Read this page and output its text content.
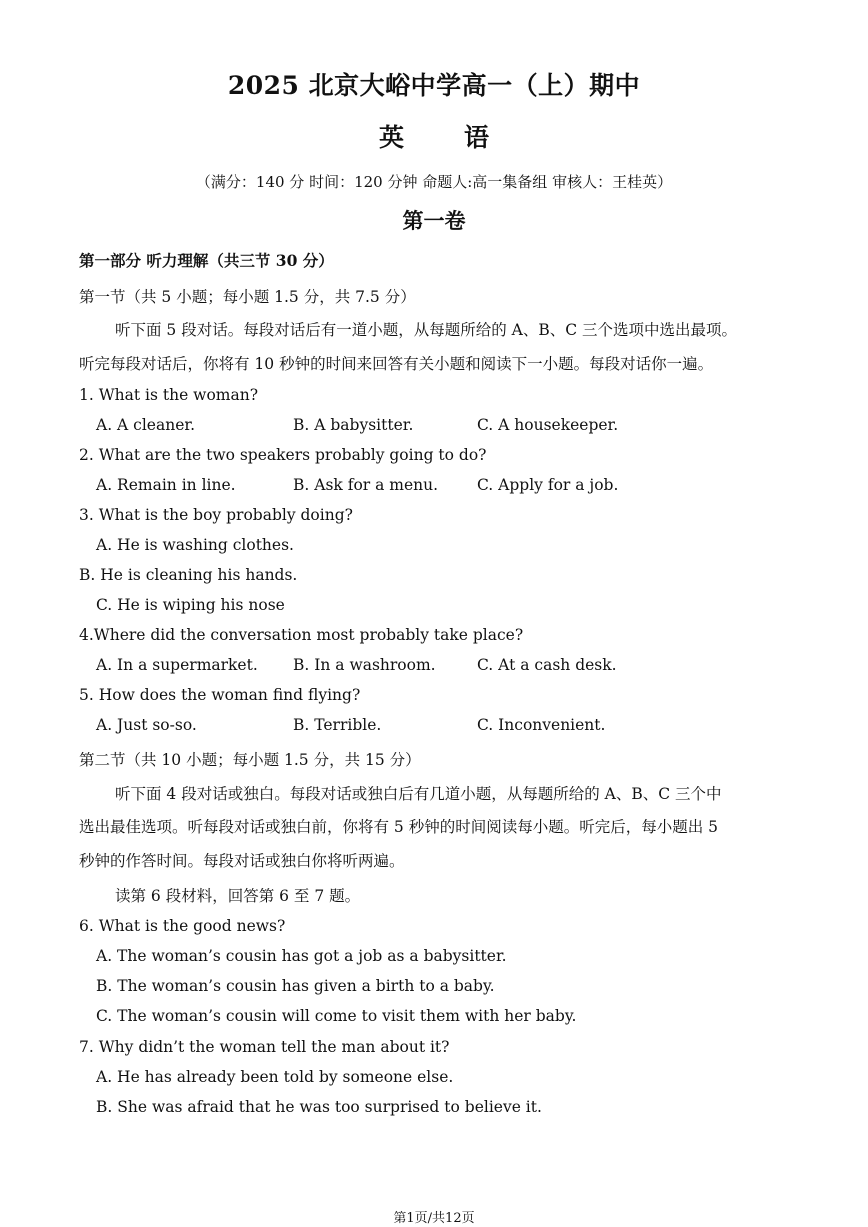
2025 北京大峪中学高一（上）期中
英 语
（满分：140 分 时间：120 分钟 命题人:高一集备组 审核人：王桂英）
第一卷
第一部分 听力理解（共三节 30 分）
第一节（共 5 小题；每小题 1.5 分，共 7.5 分）
听下面 5 段对话。每段对话后有一道小题，从每题所给的 A、B、C 三个选项中选出最项。
听完每段对话后，你将有 10 秒钟的时间来回答有关小题和阅读下一小题。每段对话你一遍。
1. What is the woman?
A. A cleaner.	B. A babysitter.	C. A housekeeper.
2. What are the two speakers probably going to do?
A. Remain in line.	B. Ask for a menu.	C. Apply for a job.
3. What is the boy probably doing?
A. He is washing clothes.
B. He is cleaning his hands.
C. He is wiping his nose
4.Where did the conversation most probably take place?
A. In a supermarket. B. In a washroom.	C. At a cash desk.
5. How does the woman find flying?
A. Just so-so.	B. Terrible.	C. Inconvenient.
第二节（共 10 小题；每小题 1.5 分，共 15 分）
听下面 4 段对话或独白。每段对话或独白后有几道小题，从每题所给的 A、B、C 三个中
选出最佳选项。听每段对话或独白前，你将有 5 秒钟的时间阅读每小题。听完后，每小题出 5
秒钟的作答时间。每段对话或独白你将听两遍。
读第 6 段材料，回答第 6 至 7 题。
6. What is the good news?
A. The woman’s cousin has got a job as a babysitter.
B. The woman’s cousin has given a birth to a baby.
C. The woman’s cousin will come to visit them with her baby.
7. Why didn’t the woman tell the man about it?
A. He has already been told by someone else.
B. She was afraid that he was too surprised to believe it.
第1页/共12页
